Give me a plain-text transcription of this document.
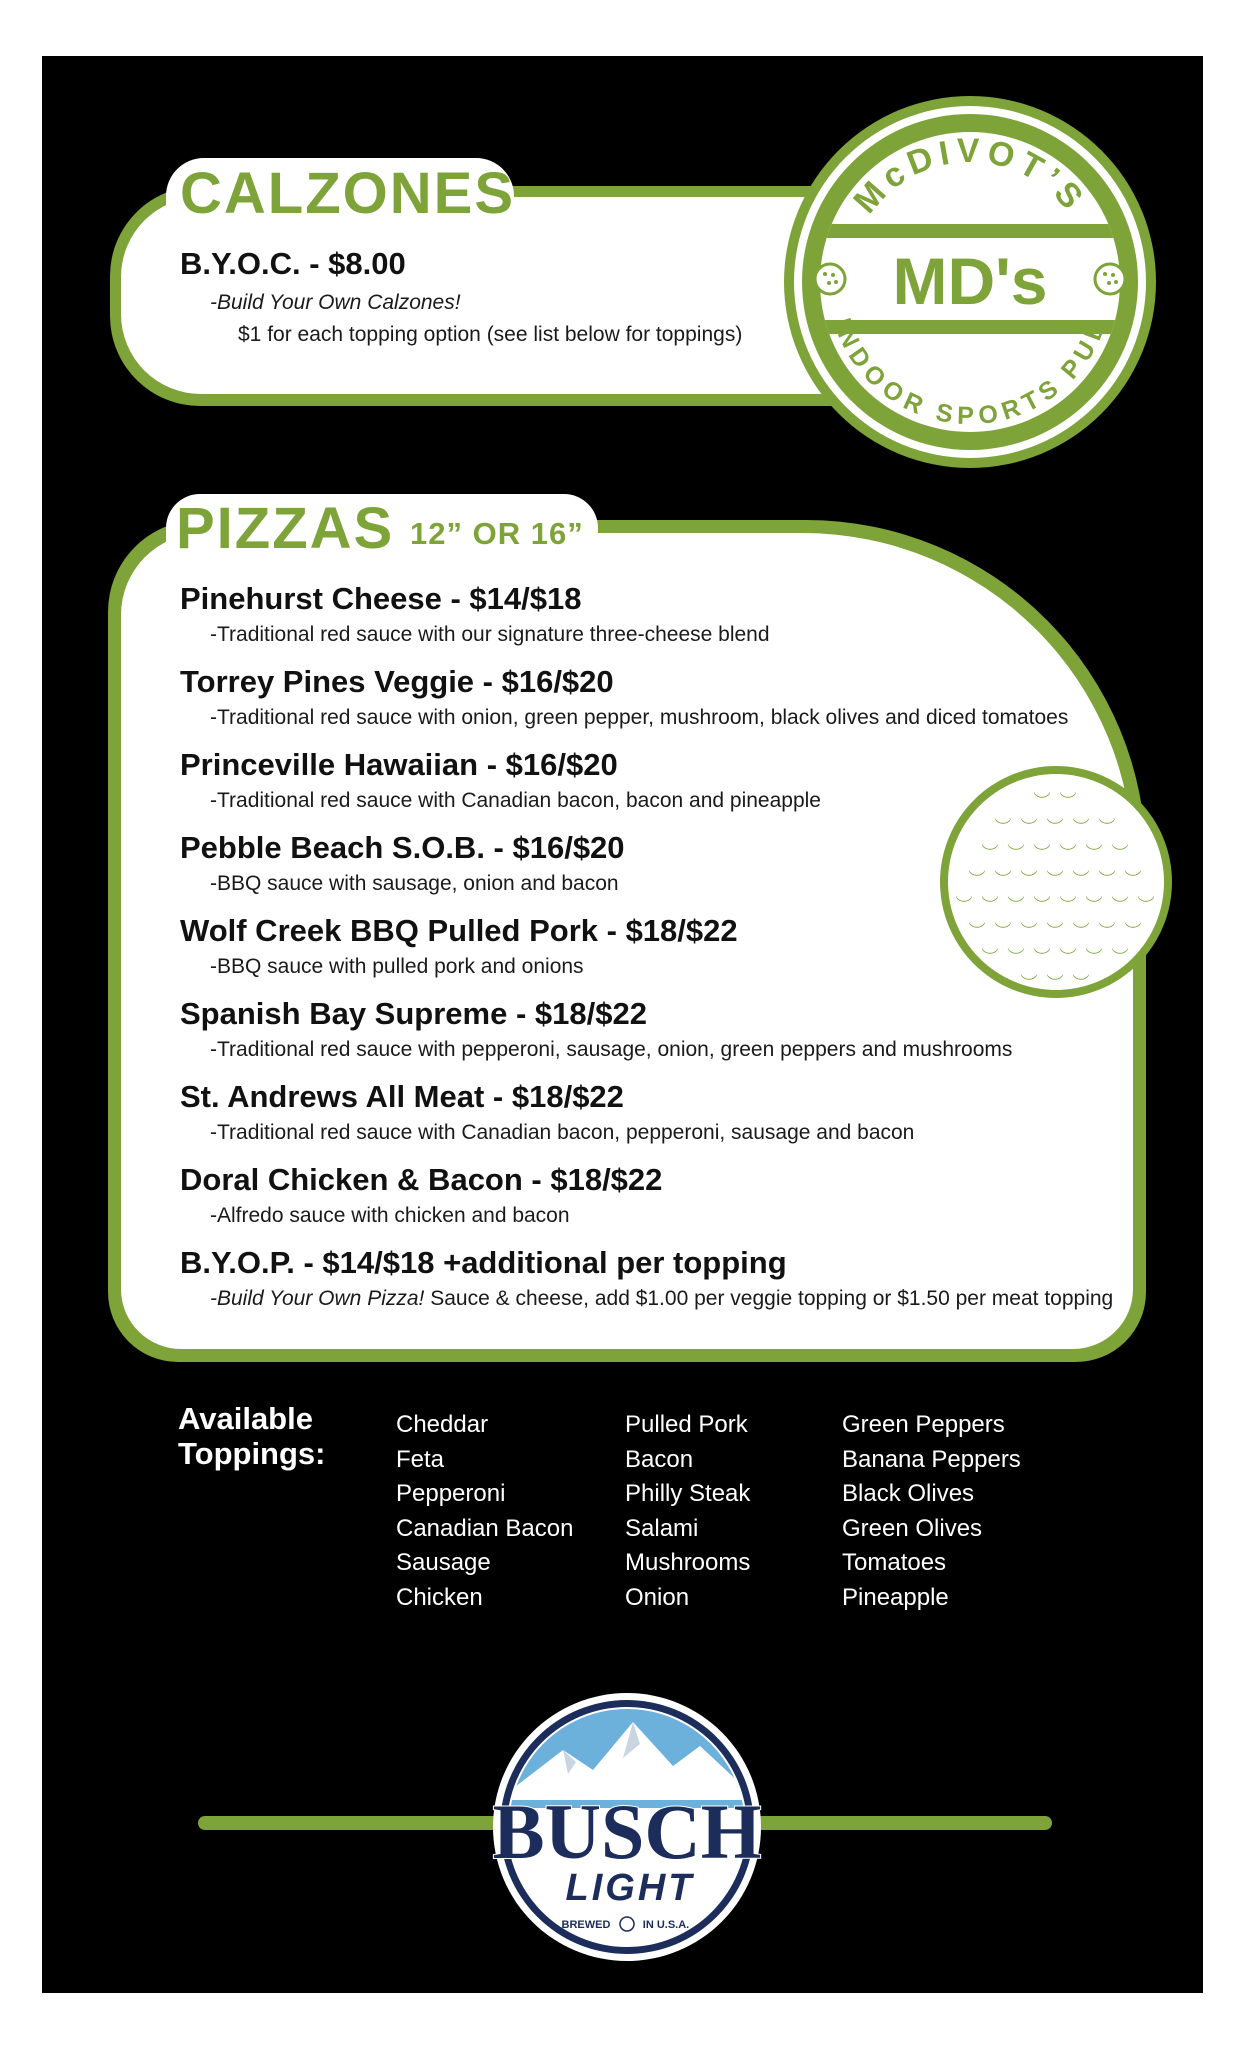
CALZONES
B.Y.O.C. - $8.00
-Build Your Own Calzones!
$1 for each topping option (see list below for toppings)
McDIVOT’S
INDOOR SPORTS PUB
MD's
PIZZAS 12” OR 16”
Pinehurst Cheese - $14/$18
-Traditional red sauce with our signature three-cheese blend
Torrey Pines Veggie - $16/$20
-Traditional red sauce with onion, green pepper, mushroom, black olives and diced tomatoes
Princeville Hawaiian - $16/$20
-Traditional red sauce with Canadian bacon, bacon and pineapple
Pebble Beach S.O.B. - $16/$20
-BBQ sauce with sausage, onion and bacon
Wolf Creek BBQ Pulled Pork - $18/$22
-BBQ sauce with pulled pork and onions
Spanish Bay Supreme - $18/$22
-Traditional red sauce with pepperoni, sausage, onion, green peppers and mushrooms
St. Andrews All Meat - $18/$22
-Traditional red sauce with Canadian bacon, pepperoni, sausage and bacon
Doral Chicken & Bacon - $18/$22
-Alfredo sauce with chicken and bacon
B.Y.O.P. - $14/$18 +additional per topping
-Build Your Own Pizza! Sauce & cheese, add $1.00 per veggie topping or $1.50 per meat topping
Available
Toppings:
Cheddar
Feta
Pepperoni
Canadian Bacon
Sausage
Chicken
Pulled Pork
Bacon
Philly Steak
Salami
Mushrooms
Onion
Green Peppers
Banana Peppers
Black Olives
Green Olives
Tomatoes
Pineapple
BUSCH
LIGHT
BREWED	IN U.S.A.
